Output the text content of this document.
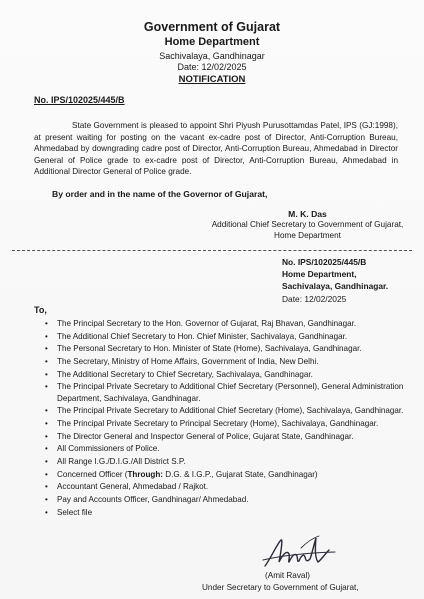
Government of Gujarat
Home Department
Sachivalaya, Gandhinagar
Date: 12/02/2025
NOTIFICATION
No. IPS/102025/445/B
State Government is pleased to appoint Shri Piyush Purusottamdas Patel, IPS (GJ:1998), at present waiting for posting on the vacant ex-cadre post of Director, Anti-Corruption Bureau, Ahmedabad by downgrading cadre post of Director, Anti-Corruption Bureau, Ahmedabad in Director General of Police grade to ex-cadre post of Director, Anti-Corruption Bureau, Ahmedabad in Additional Director General of Police grade.
By order and in the name of the Governor of Gujarat,
M. K. Das
Additional Chief Secretary to Government of Gujarat,
Home Department
No. IPS/102025/445/B
Home Department,
Sachivalaya, Gandhinagar.
Date: 12/02/2025
To,
• The Principal Secretary to the Hon. Governor of Gujarat, Raj Bhavan, Gandhinagar.
• The Additional Chief Secretary to Hon. Chief Minister, Sachivalaya, Gandhinagar.
• The Personal Secretary to Hon. Minister of State (Home), Sachivalaya, Gandhinagar.
• The Secretary, Ministry of Home Affairs, Government of India, New Delhi.
• The Additional Secretary to Chief Secretary, Sachivalaya, Gandhinagar.
• The Principal Private Secretary to Additional Chief Secretary (Personnel), General Administration Department, Sachivalaya, Gandhinagar.
• The Principal Private Secretary to Additional Chief Secretary (Home), Sachivalaya, Gandhinagar.
• The Principal Private Secretary to Principal Secretary (Home), Sachivalaya, Gandhinagar.
• The Director General and Inspector General of Police, Gujarat State, Gandhinagar.
• All Commissioners of Police.
• All Range I.G./D.I.G./All District S.P.
• Concerned Officer (Through: D.G. & I.G.P., Gujarat State, Gandhinagar)
• Accountant General, Ahmedabad / Rajkot.
• Pay and Accounts Officer, Gandhinagar/ Ahmedabad.
• Select file
(Amit Raval)
Under Secretary to Government of Gujarat,
